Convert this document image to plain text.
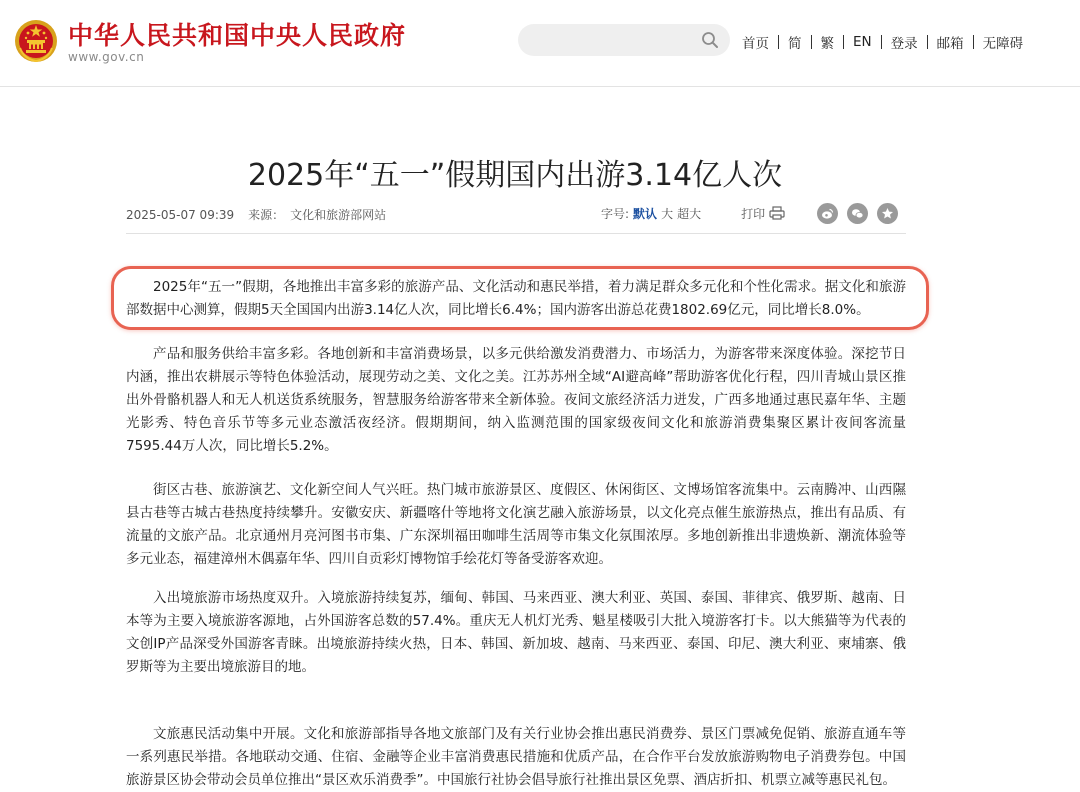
中华人民共和国中央人民政府
www.gov.cn
首页 简 繁 EN 登录 邮箱 无障碍
2025年“五一”假期国内出游3.14亿人次
2025-05-07 09:39 来源： 文化和旅游部网站	字号: 默认 大 超大	打印

2025年“五一”假期，各地推出丰富多彩的旅游产品、文化活动和惠民举措，着力满足群众多元化和个性化需求。据文化和旅游部数据中心测算，假期5天全国国内出游3.14亿人次，同比增长6.4%；国内游客出游总花费1802.69亿元，同比增长8.0%。

产品和服务供给丰富多彩。各地创新和丰富消费场景，以多元供给激发消费潜力、市场活力，为游客带来深度体验。深挖节日内涵，推出农耕展示等特色体验活动，展现劳动之美、文化之美。江苏苏州全域“AI避高峰”帮助游客优化行程，四川青城山景区推出外骨骼机器人和无人机送货系统服务，智慧服务给游客带来全新体验。夜间文旅经济活力迸发，广西多地通过惠民嘉年华、主题光影秀、特色音乐节等多元业态激活夜经济。假期期间，纳入监测范围的国家级夜间文化和旅游消费集聚区累计夜间客流量7595.44万人次，同比增长5.2%。

街区古巷、旅游演艺、文化新空间人气兴旺。热门城市旅游景区、度假区、休闲街区、文博场馆客流集中。云南腾冲、山西隰县古巷等古城古巷热度持续攀升。安徽安庆、新疆喀什等地将文化演艺融入旅游场景，以文化亮点催生旅游热点，推出有品质、有流量的文旅产品。北京通州月亮河图书市集、广东深圳福田咖啡生活周等市集文化氛围浓厚。多地创新推出非遗焕新、潮流体验等多元业态，福建漳州木偶嘉年华、四川自贡彩灯博物馆手绘花灯等备受游客欢迎。

入出境旅游市场热度双升。入境旅游持续复苏，缅甸、韩国、马来西亚、澳大利亚、英国、泰国、菲律宾、俄罗斯、越南、日本等为主要入境旅游客源地，占外国游客总数的57.4%。重庆无人机灯光秀、魁星楼吸引大批入境游客打卡。以大熊猫等为代表的文创IP产品深受外国游客青睐。出境旅游持续火热，日本、韩国、新加坡、越南、马来西亚、泰国、印尼、澳大利亚、柬埔寨、俄罗斯等为主要出境旅游目的地。

文旅惠民活动集中开展。文化和旅游部指导各地文旅部门及有关行业协会推出惠民消费券、景区门票减免促销、旅游直通车等一系列惠民举措。各地联动交通、住宿、金融等企业丰富消费惠民措施和优质产品，在合作平台发放旅游购物电子消费券包。中国旅游景区协会带动会员单位推出“景区欢乐消费季”。中国旅行社协会倡导旅行社推出景区免票、酒店折扣、机票立减等惠民礼包。
